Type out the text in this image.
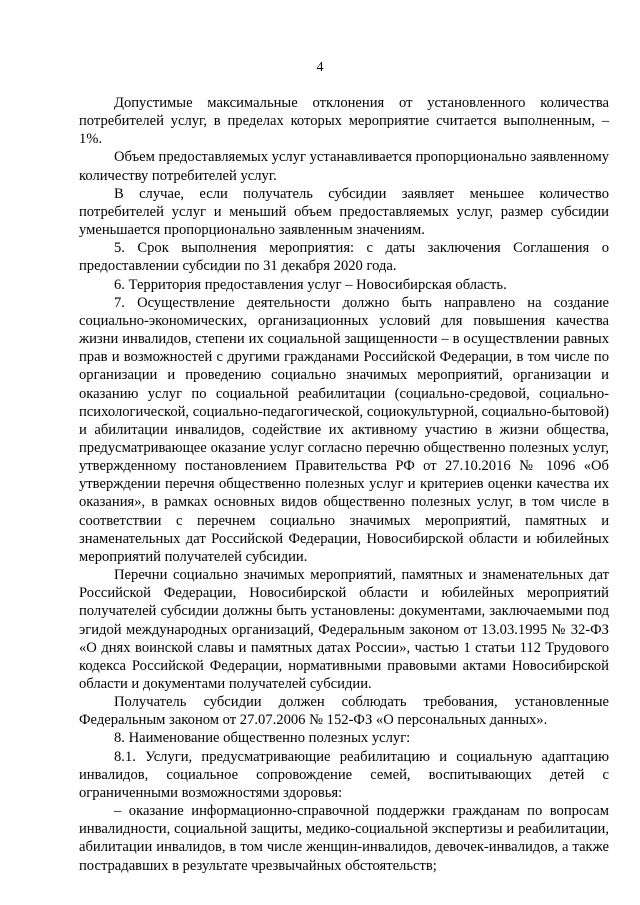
4

Допустимые максимальные отклонения от установленного количества потребителей услуг, в пределах которых мероприятие считается выполненным, – 1%.

Объем предоставляемых услуг устанавливается пропорционально заявленному количеству потребителей услуг.

В случае, если получатель субсидии заявляет меньшее количество потребителей услуг и меньший объем предоставляемых услуг, размер субсидии уменьшается пропорционально заявленным значениям.

5. Срок выполнения мероприятия: с даты заключения Соглашения о предоставлении субсидии по 31 декабря 2020 года.

6. Территория предоставления услуг – Новосибирская область.

7. Осуществление деятельности должно быть направлено на создание социально-экономических, организационных условий для повышения качества жизни инвалидов, степени их социальной защищенности – в осуществлении равных прав и возможностей с другими гражданами Российской Федерации, в том числе по организации и проведению социально значимых мероприятий, организации и оказанию услуг по социальной реабилитации (социально-средовой, социально-психологической, социально-педагогической, социокультурной, социально-бытовой) и абилитации инвалидов, содействие их активному участию в жизни общества, предусматривающее оказание услуг согласно перечню общественно полезных услуг, утвержденному постановлением Правительства РФ от 27.10.2016 № 1096 «Об утверждении перечня общественно полезных услуг и критериев оценки качества их оказания», в рамках основных видов общественно полезных услуг, в том числе в соответствии с перечнем социально значимых мероприятий, памятных и знаменательных дат Российской Федерации, Новосибирской области и юбилейных мероприятий получателей субсидии.

Перечни социально значимых мероприятий, памятных и знаменательных дат Российской Федерации, Новосибирской области и юбилейных мероприятий получателей субсидии должны быть установлены: документами, заключаемыми под эгидой международных организаций, Федеральным законом от 13.03.1995 № 32-ФЗ «О днях воинской славы и памятных датах России», частью 1 статьи 112 Трудового кодекса Российской Федерации, нормативными правовыми актами Новосибирской области и документами получателей субсидии.

Получатель субсидии должен соблюдать требования, установленные Федеральным законом от 27.07.2006 № 152-ФЗ «О персональных данных».

8. Наименование общественно полезных услуг:

8.1. Услуги, предусматривающие реабилитацию и социальную адаптацию инвалидов, социальное сопровождение семей, воспитывающих детей с ограниченными возможностями здоровья:

– оказание информационно-справочной поддержки гражданам по вопросам инвалидности, социальной защиты, медико-социальной экспертизы и реабилитации, абилитации инвалидов, в том числе женщин-инвалидов, девочек-инвалидов, а также пострадавших в результате чрезвычайных обстоятельств;
